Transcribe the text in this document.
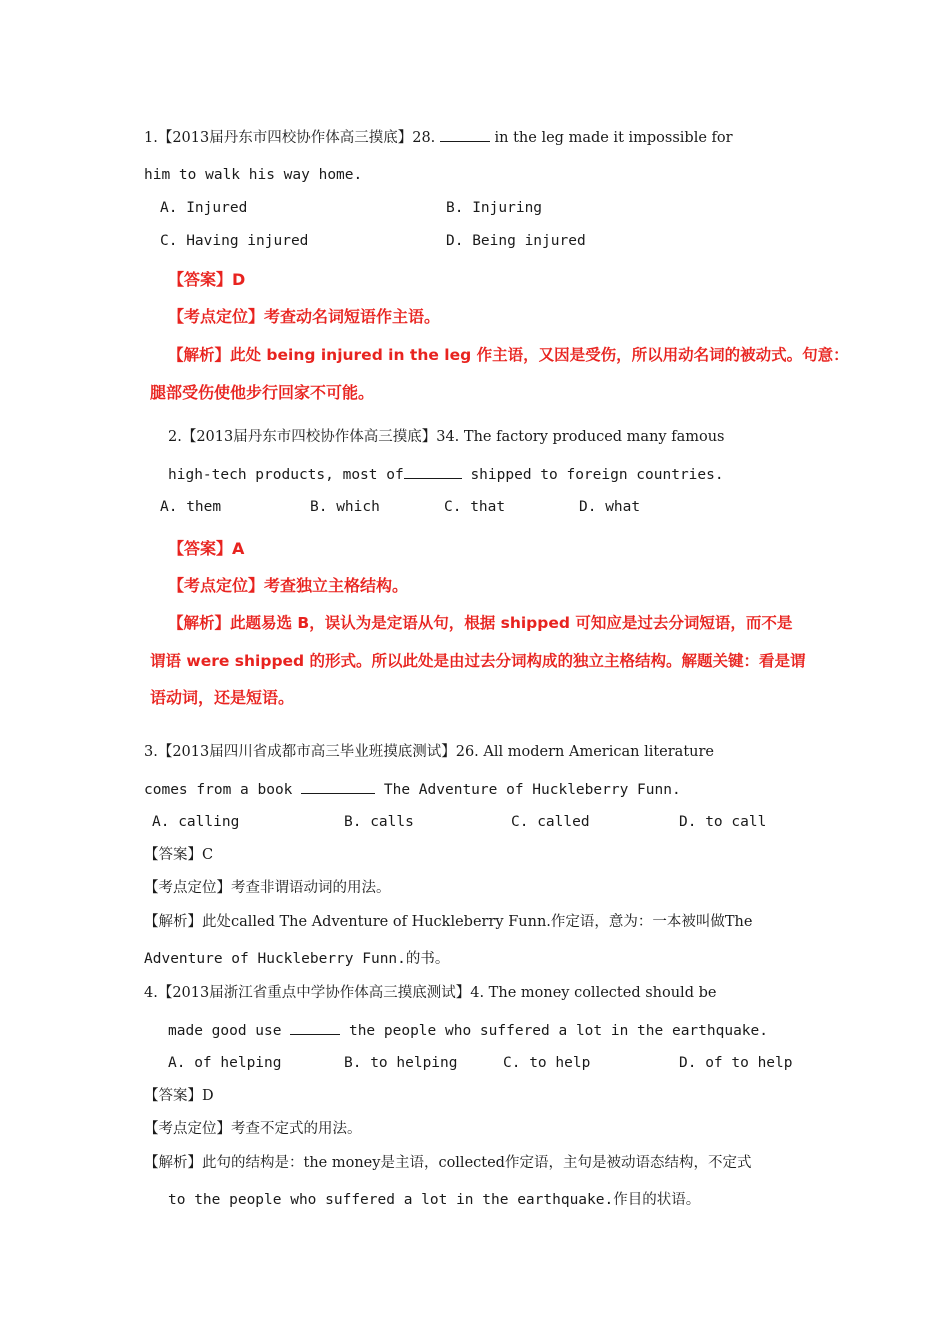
1.【2013届丹东市四校协作体高三摸底】28.	in the leg made it impossible for
him to walk his way home.
A. Injured	B. Injuring
C. Having injured	D. Being injured
【答案】D
【考点定位】考查动名词短语作主语。
【解析】此处 being injured in the leg 作主语，又因是受伤，所以用动名词的被动式。句意：
腿部受伤使他步行回家不可能。
2.【2013届丹东市四校协作体高三摸底】34. The factory produced many famous
high-tech products, most of	shipped to foreign countries.
A. them	B. which	C. that	D. what
【答案】A
【考点定位】考查独立主格结构。
【解析】此题易选 B，误认为是定语从句，根据 shipped 可知应是过去分词短语，而不是
谓语 were shipped 的形式。所以此处是由过去分词构成的独立主格结构。解题关键：看是谓
语动词，还是短语。
3.【2013届四川省成都市高三毕业班摸底测试】26. All modern American literature
comes from a book	The Adventure of Huckleberry Funn.
A. calling	B. calls	C. called	D. to call
【答案】C
【考点定位】考查非谓语动词的用法。
【解析】此处called The Adventure of Huckleberry Funn.作定语，意为：一本被叫做The
Adventure of Huckleberry Funn.的书。
4.【2013届浙江省重点中学协作体高三摸底测试】4. The money collected should be
made good use	the people who suffered a lot in the earthquake.
A. of helping	B. to helping	C. to help	D. of to help
【答案】D
【考点定位】考查不定式的用法。
【解析】此句的结构是：the money是主语，collected作定语，主句是被动语态结构，不定式
to the people who suffered a lot in the earthquake.作目的状语。
